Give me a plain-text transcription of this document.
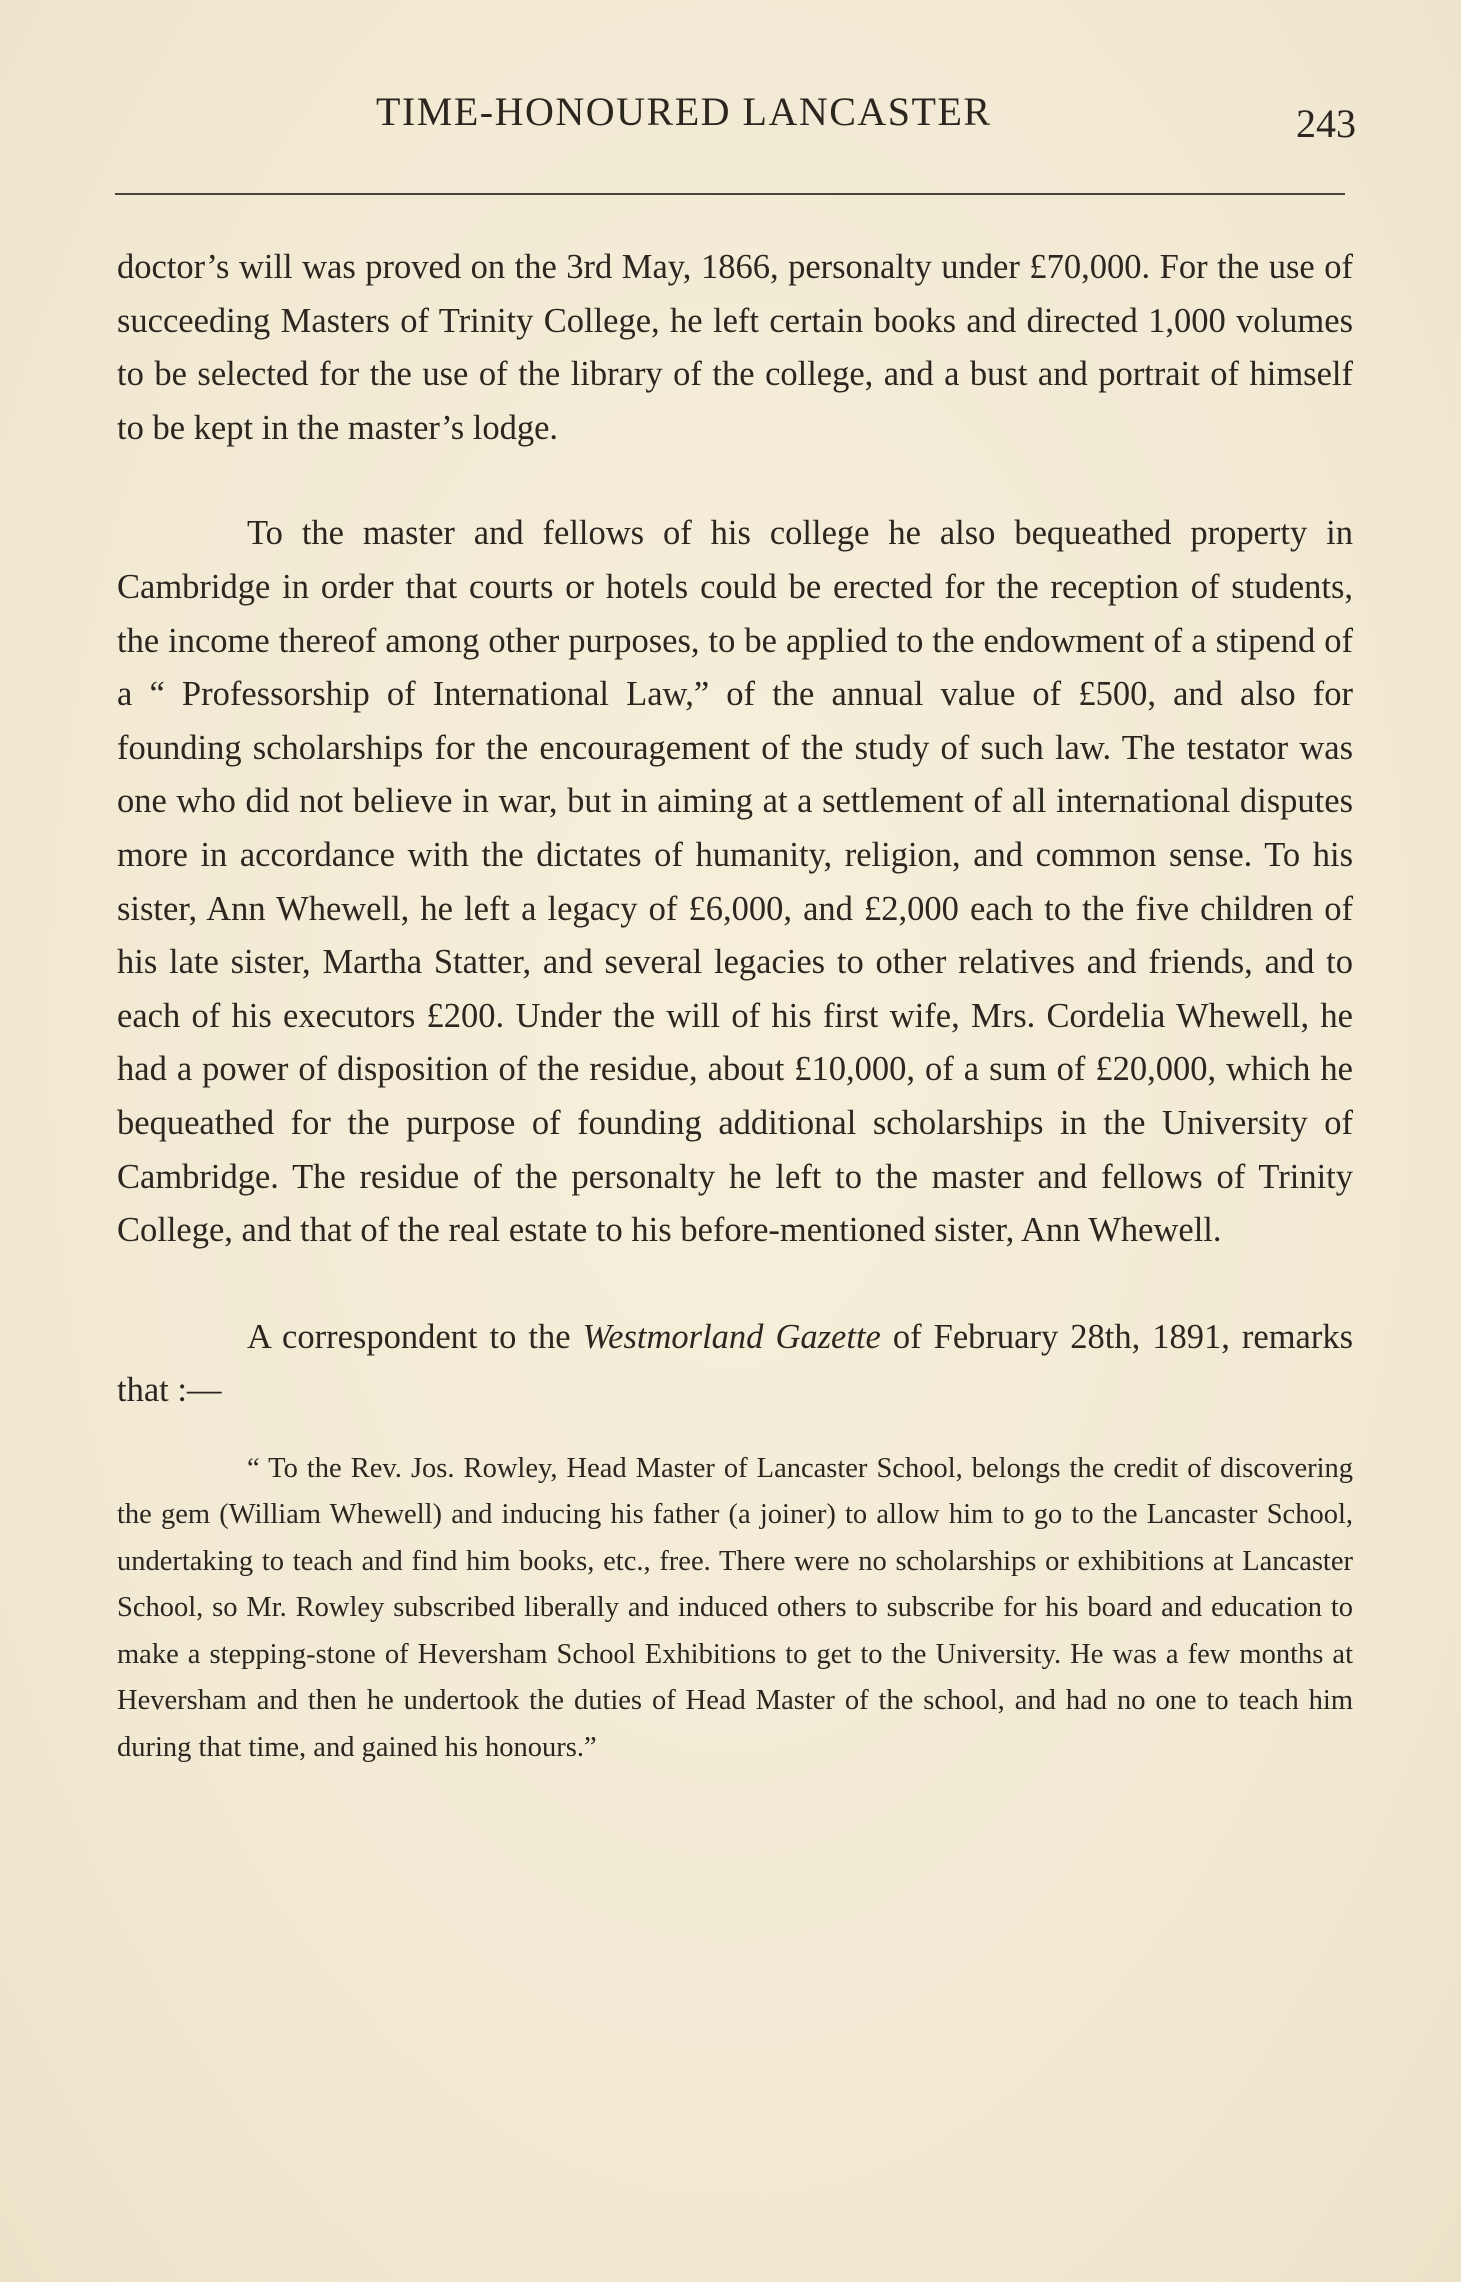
TIME-HONOURED LANCASTER	243

doctor’s will was proved on the 3rd May, 1866, personalty under £70,000. For the use of succeeding Masters of Trinity College, he left certain books and directed 1,000 volumes to be selected for the use of the library of the college, and a bust and portrait of himself to be kept in the master’s lodge.

To the master and fellows of his college he also bequeathed property in Cambridge in order that courts or hotels could be erected for the reception of students, the income thereof among other purposes, to be applied to the endowment of a stipend of a “ Professorship of International Law,” of the annual value of £500, and also for founding scholarships for the encouragement of the study of such law. The testator was one who did not believe in war, but in aiming at a settlement of all international disputes more in accordance with the dictates of humanity, religion, and common sense. To his sister, Ann Whewell, he left a legacy of £6,000, and £2,000 each to the five children of his late sister, Martha Statter, and several legacies to other relatives and friends, and to each of his executors £200. Under the will of his first wife, Mrs. Cordelia Whewell, he had a power of disposition of the residue, about £10,000, of a sum of £20,000, which he bequeathed for the purpose of founding additional scholarships in the University of Cambridge. The residue of the personalty he left to the master and fellows of Trinity College, and that of the real estate to his before-mentioned sister, Ann Whewell.

A correspondent to the Westmorland Gazette of February 28th, 1891, remarks that :—

“ To the Rev. Jos. Rowley, Head Master of Lancaster School, belongs the credit of discovering the gem (William Whewell) and inducing his father (a joiner) to allow him to go to the Lancaster School, undertaking to teach and find him books, etc., free. There were no scholarships or exhibitions at Lancaster School, so Mr. Rowley subscribed liberally and induced others to subscribe for his board and education to make a stepping-stone of Heversham School Exhibitions to get to the University. He was a few months at Heversham and then he undertook the duties of Head Master of the school, and had no one to teach him during that time, and gained his honours.”
